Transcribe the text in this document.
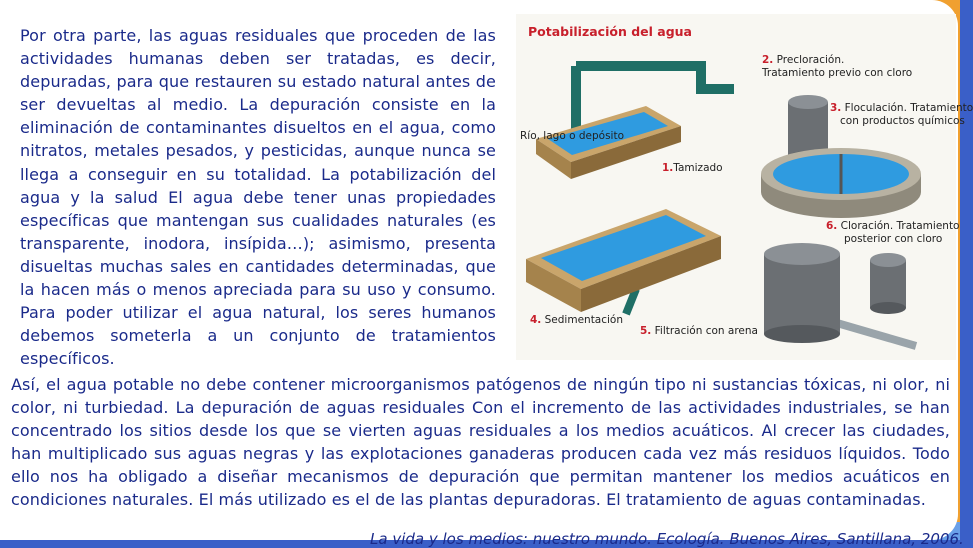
Por otra parte, las aguas residuales que proceden de las actividades humanas deben ser tratadas, es decir, depuradas, para que restauren su estado natural antes de ser devueltas al medio. La depuración consiste en la eliminación de contaminantes disueltos en el agua, como nitratos, metales pesados, y pesticidas, aunque nunca se llega a conseguir en su totalidad. La potabilización del agua y la salud El agua debe tener unas propiedades específicas que mantengan sus cualidades naturales (es transparente, inodora, insípida…); asimismo, presenta disueltas muchas sales en cantidades determinadas, que la hacen más o menos apreciada para su uso y consumo. Para poder utilizar el agua natural, los seres humanos debemos someterla a un conjunto de tratamientos específicos.

Potabilización del agua
Río, lago o depósito
1.Tamizado
2. Precloración.
Tratamiento previo con cloro
3. Floculación. Tratamiento
con productos químicos
4. Sedimentación
5. Filtración con arena
6. Cloración. Tratamiento
posterior con cloro

Así, el agua potable no debe contener microorganismos patógenos de ningún tipo ni sustancias tóxicas, ni olor, ni color, ni turbiedad. La depuración de aguas residuales Con el incremento de las actividades industriales, se han concentrado los sitios desde los que se vierten aguas residuales a los medios acuáticos. Al crecer las ciudades, han multiplicado sus aguas negras y las explotaciones ganaderas producen cada vez más residuos líquidos. Todo ello nos ha obligado a diseñar mecanismos de depuración que permitan mantener los medios acuáticos en condiciones naturales. El más utilizado es el de las plantas depuradoras. El tratamiento de aguas contaminadas.

La vida y los medios: nuestro mundo. Ecología. Buenos Aires, Santillana, 2006.
